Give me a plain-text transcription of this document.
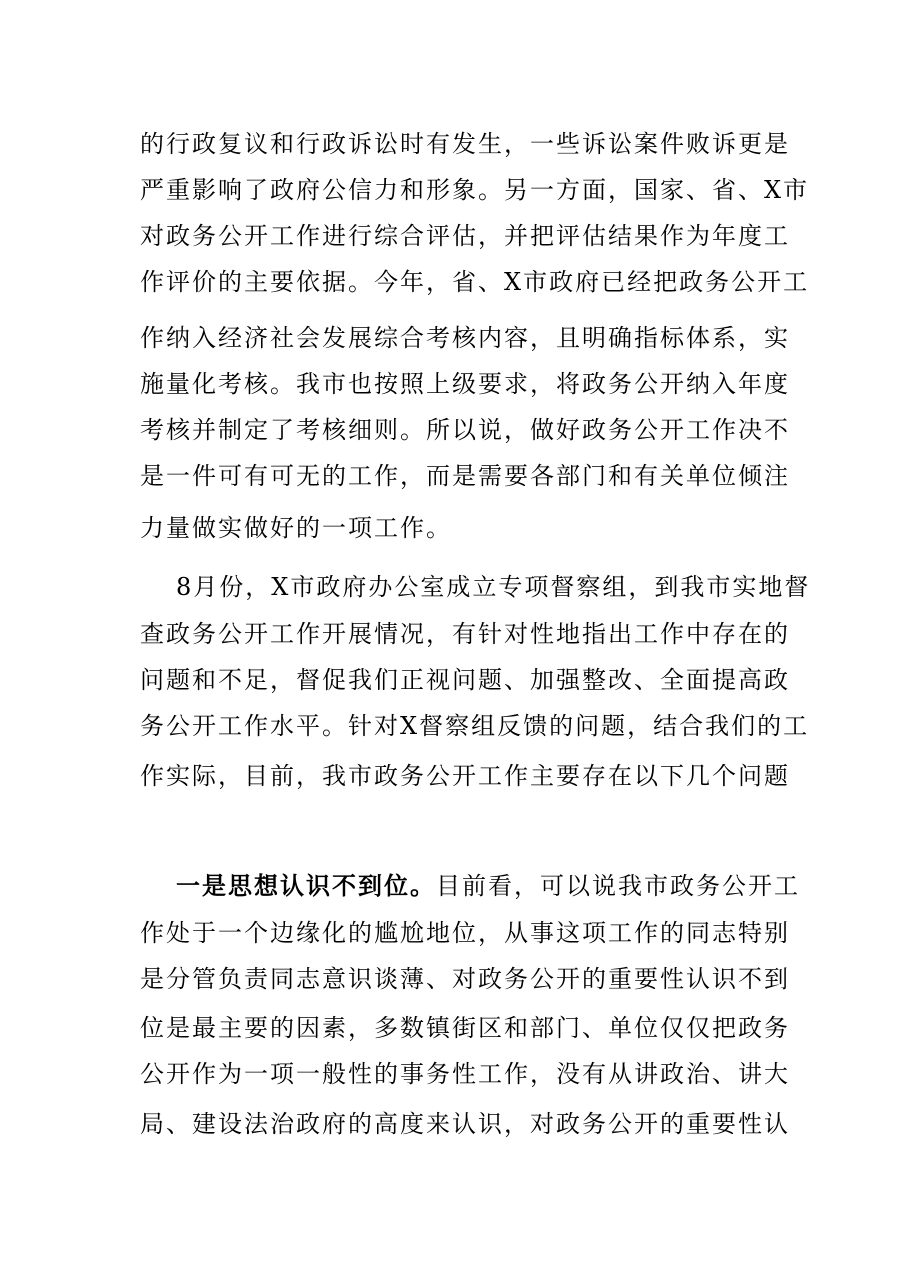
的行政复议和行政诉讼时有发生，一些诉讼案件败诉更是
严重影响了政府公信力和形象。另一方面，国家、省、X市
对政务公开工作进行综合评估，并把评估结果作为年度工
作评价的主要依据。今年，省、X市政府已经把政务公开工
作纳入经济社会发展综合考核内容，且明确指标体系，实
施量化考核。我市也按照上级要求，将政务公开纳入年度
考核并制定了考核细则。所以说，做好政务公开工作决不
是一件可有可无的工作，而是需要各部门和有关单位倾注
力量做实做好的一项工作。
8月份，X市政府办公室成立专项督察组，到我市实地督
查政务公开工作开展情况，有针对性地指出工作中存在的
问题和不足，督促我们正视问题、加强整改、全面提高政
务公开工作水平。针对X督察组反馈的问题，结合我们的工
作实际，目前，我市政务公开工作主要存在以下几个问题
一是思想认识不到位。目前看，可以说我市政务公开工
作处于一个边缘化的尴尬地位，从事这项工作的同志特别
是分管负责同志意识谈薄、对政务公开的重要性认识不到
位是最主要的因素，多数镇街区和部门、单位仅仅把政务
公开作为一项一般性的事务性工作，没有从讲政治、讲大
局、建设法治政府的高度来认识，对政务公开的重要性认
